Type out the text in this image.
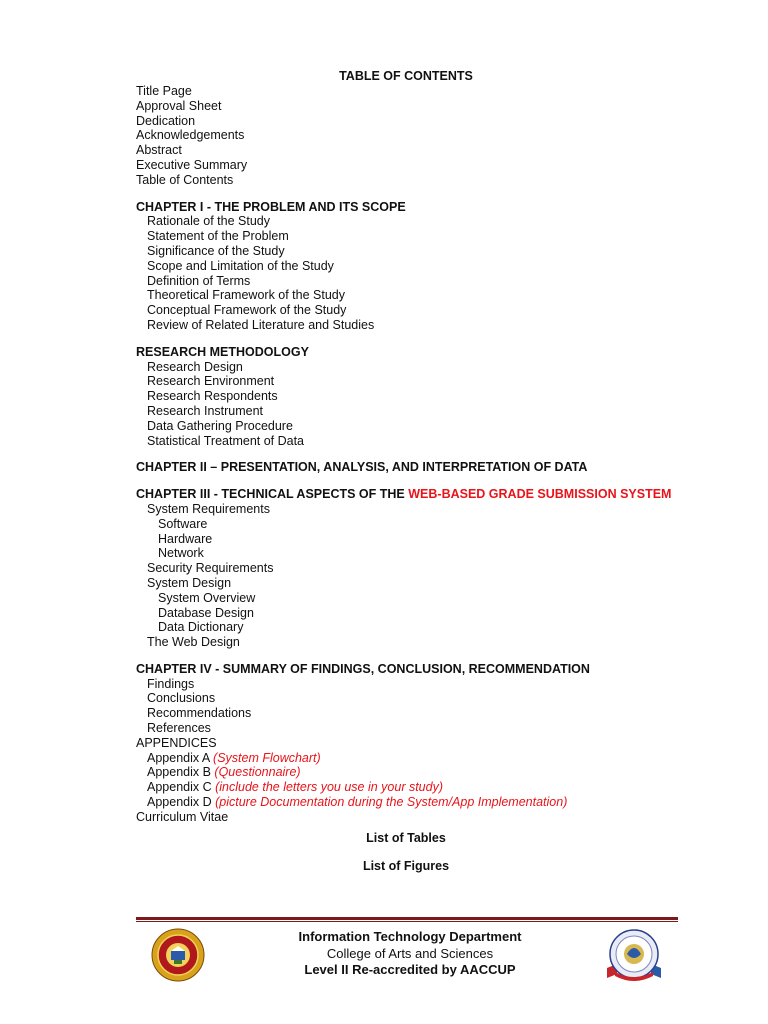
TABLE OF CONTENTS
Title Page
Approval Sheet
Dedication
Acknowledgements
Abstract
Executive Summary
Table of Contents
CHAPTER I - THE PROBLEM AND ITS SCOPE
Rationale of the Study
Statement of the Problem
Significance of the Study
Scope and Limitation of the Study
Definition of Terms
Theoretical Framework of the Study
Conceptual Framework of the Study
Review of Related Literature and Studies
RESEARCH METHODOLOGY
Research Design
Research Environment
Research Respondents
Research Instrument
Data Gathering Procedure
Statistical Treatment of Data
CHAPTER II – PRESENTATION, ANALYSIS, AND INTERPRETATION OF DATA
CHAPTER III - TECHNICAL ASPECTS OF THE WEB-BASED GRADE SUBMISSION SYSTEM
System Requirements
Software
Hardware
Network
Security Requirements
System Design
System Overview
Database Design
Data Dictionary
The Web Design
CHAPTER IV - SUMMARY OF FINDINGS, CONCLUSION, RECOMMENDATION
Findings
Conclusions
Recommendations
References
APPENDICES
Appendix A (System Flowchart)
Appendix B (Questionnaire)
Appendix C (include the letters you use in your study)
Appendix D (picture Documentation during the System/App Implementation)
Curriculum Vitae
List of Tables
List of Figures
Information Technology Department
College of Arts and Sciences
Level II Re-accredited by AACCUP
